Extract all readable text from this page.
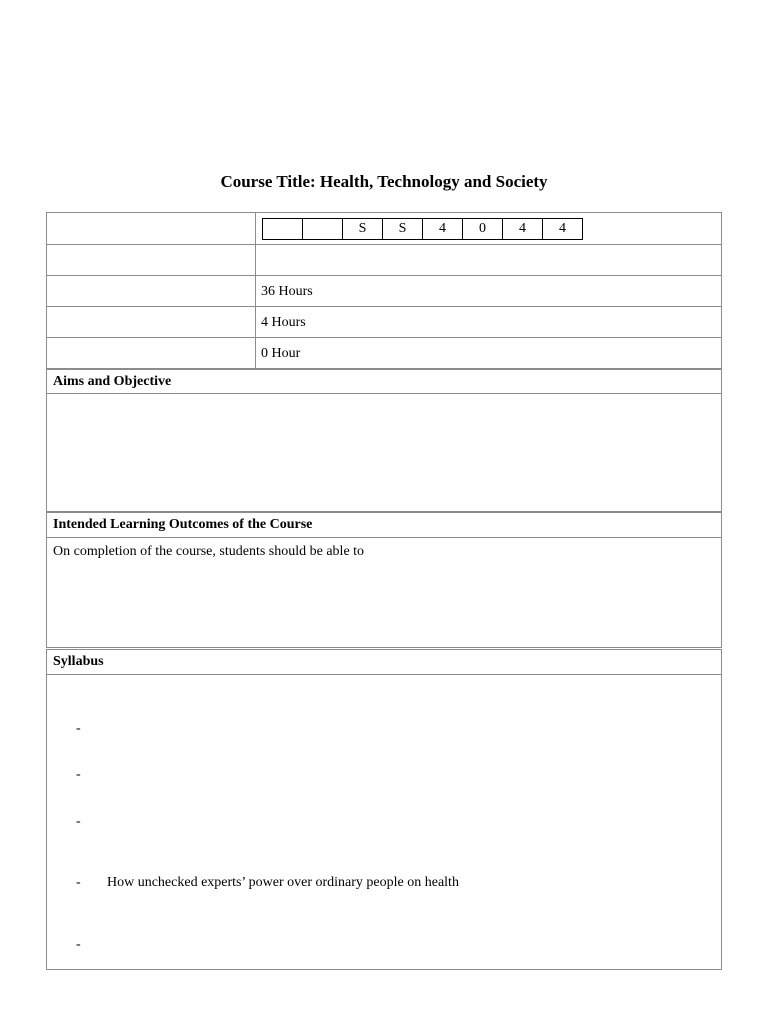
Course Title: Health, Technology and Society
S	S	4	0	4	4
36 Hours
4 Hours
0 Hour
Aims and Objective
Intended Learning Outcomes of the Course
On completion of the course, students should be able to
Syllabus
-
-
-
- How unchecked experts’ power over ordinary people on health
-
